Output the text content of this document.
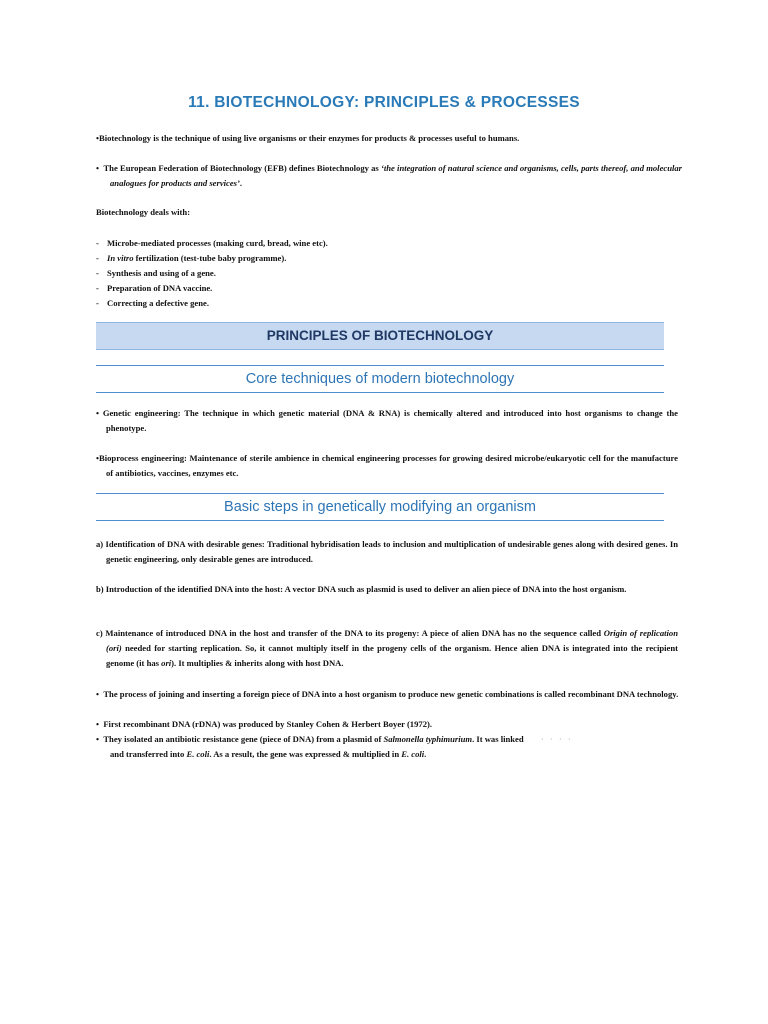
11. BIOTECHNOLOGY: PRINCIPLES & PROCESSES

•Biotechnology is the technique of using live organisms or their enzymes for products & processes useful to humans.

•  The European Federation of Biotechnology (EFB) defines Biotechnology as ‘the integration of natural science and organisms, cells, parts thereof, and molecular analogues for products and services’.

Biotechnology deals with:

- Microbe-mediated processes (making curd, bread, wine etc).
- In vitro fertilization (test-tube baby programme).
- Synthesis and using of a gene.
- Preparation of DNA vaccine.
- Correcting a defective gene.
PRINCIPLES OF BIOTECHNOLOGY
Core techniques of modern biotechnology

• Genetic engineering: The technique in which genetic material (DNA & RNA) is chemically altered and introduced into host organisms to change the phenotype.

•Bioprocess engineering: Maintenance of sterile ambience in chemical engineering processes for growing desired microbe/eukaryotic cell for the manufacture of antibiotics, vaccines, enzymes etc.

Basic steps in genetically modifying an organism

a) Identification of DNA with desirable genes: Traditional hybridisation leads to inclusion and multiplication of undesirable genes along with desired genes. In genetic engineering, only desirable genes are introduced.

b) Introduction of the identified DNA into the host: A vector DNA such as plasmid is used to deliver an alien piece of DNA into the host organism.

c) Maintenance of introduced DNA in the host and transfer of the DNA to its progeny: A piece of alien DNA has no the sequence called Origin of replication (ori) needed for starting replication. So, it cannot multiply itself in the progeny cells of the organism. Hence alien DNA is integrated into the recipient genome (it has ori). It multiplies & inherits along with host DNA.

•  The process of joining and inserting a foreign piece of DNA into a host organism to produce new genetic combinations is called recombinant DNA technology.

•  First recombinant DNA (rDNA) was produced by Stanley Cohen & Herbert Boyer (1972).

•  They isolated an antibiotic resistance gene (piece of DNA) from a plasmid of Salmonella typhimurium. It was linked · · · ·
and transferred into E. coli. As a result, the gene was expressed & multiplied in E. coli.
